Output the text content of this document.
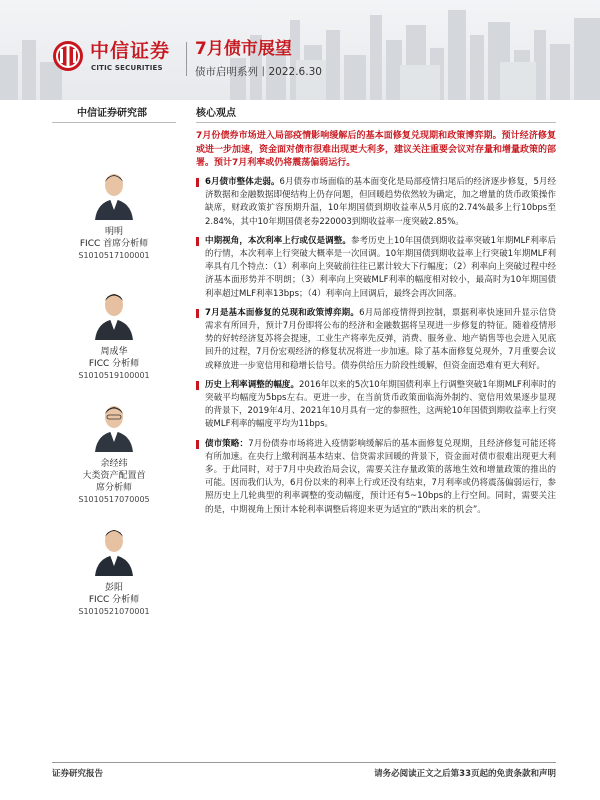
中信证券
CITIC SECURITIES
7月债市展望
债市启明系列丨2022.6.30
中信证券研究部	核心观点

7月份债券市场进入局部疫情影响缓解后的基本面修复兑现期和政策博弈期。预计经济修复或进一步加速，资金面对债市很难出现更大利多，建议关注重要会议对存量和增量政策的部署。预计7月利率或仍将震荡偏弱运行。

明明
FICC 首席分析师
S1010517100001
周成华
FICC 分析师
S1010519100001
余经纬
大类资产配置首席分析师
S1010517070005
彭阳
FICC 分析师
S1010521070001

6月债市整体走弱。6月债券市场面临的基本面变化是局部疫情扫尾后的经济逐步修复，5月经济数据和金融数据即便结构上仍存问题，但回暖趋势依然较为确定，加之增量的货币政策操作缺席，财政政策扩容预期升温，10年期国债到期收益率从5月底的2.74%最多上行10bps至2.84%，其中10年期国债老券220003到期收益率一度突破2.85%。

中期视角，本次利率上行或仅是调整。参考历史上10年国债到期收益率突破1年期MLF利率后的行情，本次利率上行突破大概率是一次回调。10年期国债到期收益率上行突破1年期MLF利率具有几个特点：（1）利率向上突破前往往已累计较大下行幅度；（2）利率向上突破过程中经济基本面形势并不明朗；（3）利率向上突破MLF利率的幅度相对较小，最高时为10年期国债利率超过MLF利率13bps；（4）利率向上回调后，最终会再次回落。

7月是基本面修复的兑现和政策博弈期。6月局部疫情得到控制，票据利率快速回升显示信贷需求有所回升，预计7月份即将公布的经济和金融数据将呈现进一步修复的特征。随着疫情形势的好转经济复苏将会提速，工业生产将率先反弹，消费、服务业、地产销售等也会进入见底回升的过程，7月份宏观经济的修复状况将进一步加速。除了基本面修复兑现外，7月重要会议或释放进一步宽信用和稳增长信号。债券供给压力阶段性缓解，但资金面恐难有更大利好。

历史上利率调整的幅度。2016年以来的5次10年期国债利率上行调整突破1年期MLF利率时的突破平均幅度为5bps左右。更进一步，在当前货币政策面临海外制约、宽信用效果逐步显现的背景下，2019年4月、2021年10月具有一定的参照性，这两轮10年国债到期收益率上行突破MLF利率的幅度平均为11bps。

债市策略：7月份债券市场将进入疫情影响缓解后的基本面修复兑现期，且经济修复可能还将有所加速。在央行上缴利润基本结束、信贷需求回暖的背景下，资金面对债市很难出现更大利多。于此同时，对于7月中央政治局会议，需要关注存量政策的落地生效和增量政策的推出的可能。因而我们认为，6月份以来的利率上行或还没有结束，7月利率或仍将震荡偏弱运行，参照历史上几轮典型的利率调整的变动幅度，预计还有5~10bps的上行空间。同时，需要关注的是，中期视角上预计本轮利率调整后将迎来更为适宜的“跌出来的机会”。

证券研究报告	请务必阅读正文之后第33页起的免责条款和声明
